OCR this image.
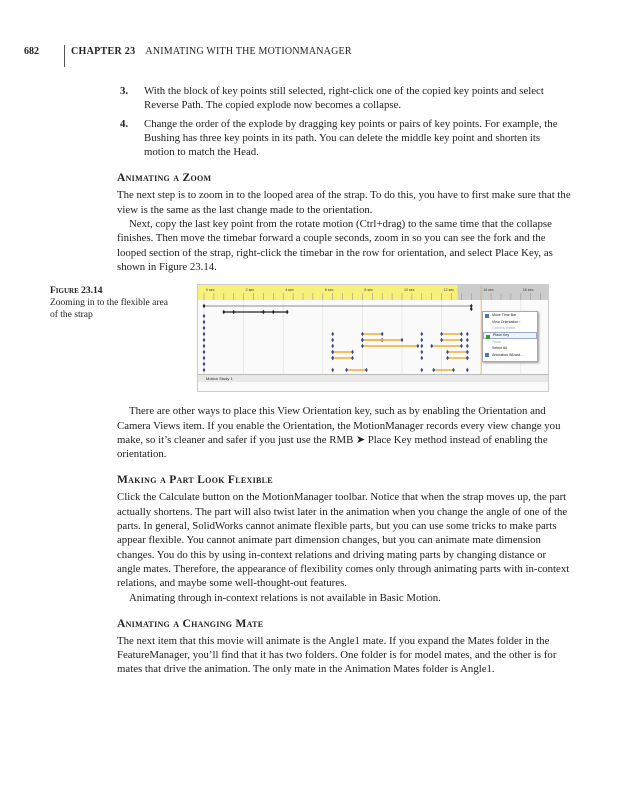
682	CHAPTER 23 ANIMATING WITH THE MOTIONMANAGER
3.	With the block of key points still selected, right-click one of the copied key points and select Reverse Path. The copied explode now becomes a collapse.
4.	Change the order of the explode by dragging key points or pairs of key points. For example, the Bushing has three key points in its path. You can delete the middle key point and shorten its motion to match the Head.
Animating a Zoom

The next step is to zoom in to the looped area of the strap. To do this, you have to first make sure that the view is the same as the last change made to the orientation.

Next, copy the last key point from the rotate motion (Ctrl+drag) to the same time that the collapse finishes. Then move the timebar forward a couple seconds, zoom in so you can see the fork and the looped section of the strap, right-click the timebar in the row for orientation, and select Place Key, as shown in Figure 23.14.

Figure 23.14
Zooming in to the flexible area of the strap
0 sec	2 sec	4 sec	6 sec	8 sec	10 sec	12 sec	14 sec	16 sec
Move Time Bar
View Orientation ›
Camera Views
Place Key
Paste
Select All
Animation Wizard...
Motion Study 1

There are other ways to place this View Orientation key, such as by enabling the Orientation and Camera Views item. If you enable the Orientation, the MotionManager records every view change you make, so it’s cleaner and safer if you just use the RMB ➤ Place Key method instead of enabling the orientation.

Making a Part Look Flexible

Click the Calculate button on the MotionManager toolbar. Notice that when the strap moves up, the part actually shortens. The part will also twist later in the animation when you change the angle of one of the parts. In general, SolidWorks cannot animate flexible parts, but you can use some tricks to make parts appear flexible. You cannot animate part dimension changes, but you can animate mate dimension changes. You do this by using in-context relations and driving mating parts by changing distance or angle mates. Therefore, the appearance of flexibility comes only through animating parts with in-context relations, and maybe some well-thought-out features.

Animating through in-context relations is not available in Basic Motion.

Animating a Changing Mate

The next item that this movie will animate is the Angle1 mate. If you expand the Mates folder in the FeatureManager, you’ll find that it has two folders. One folder is for model mates, and the other is for mates that drive the animation. The only mate in the Animation Mates folder is Angle1.
